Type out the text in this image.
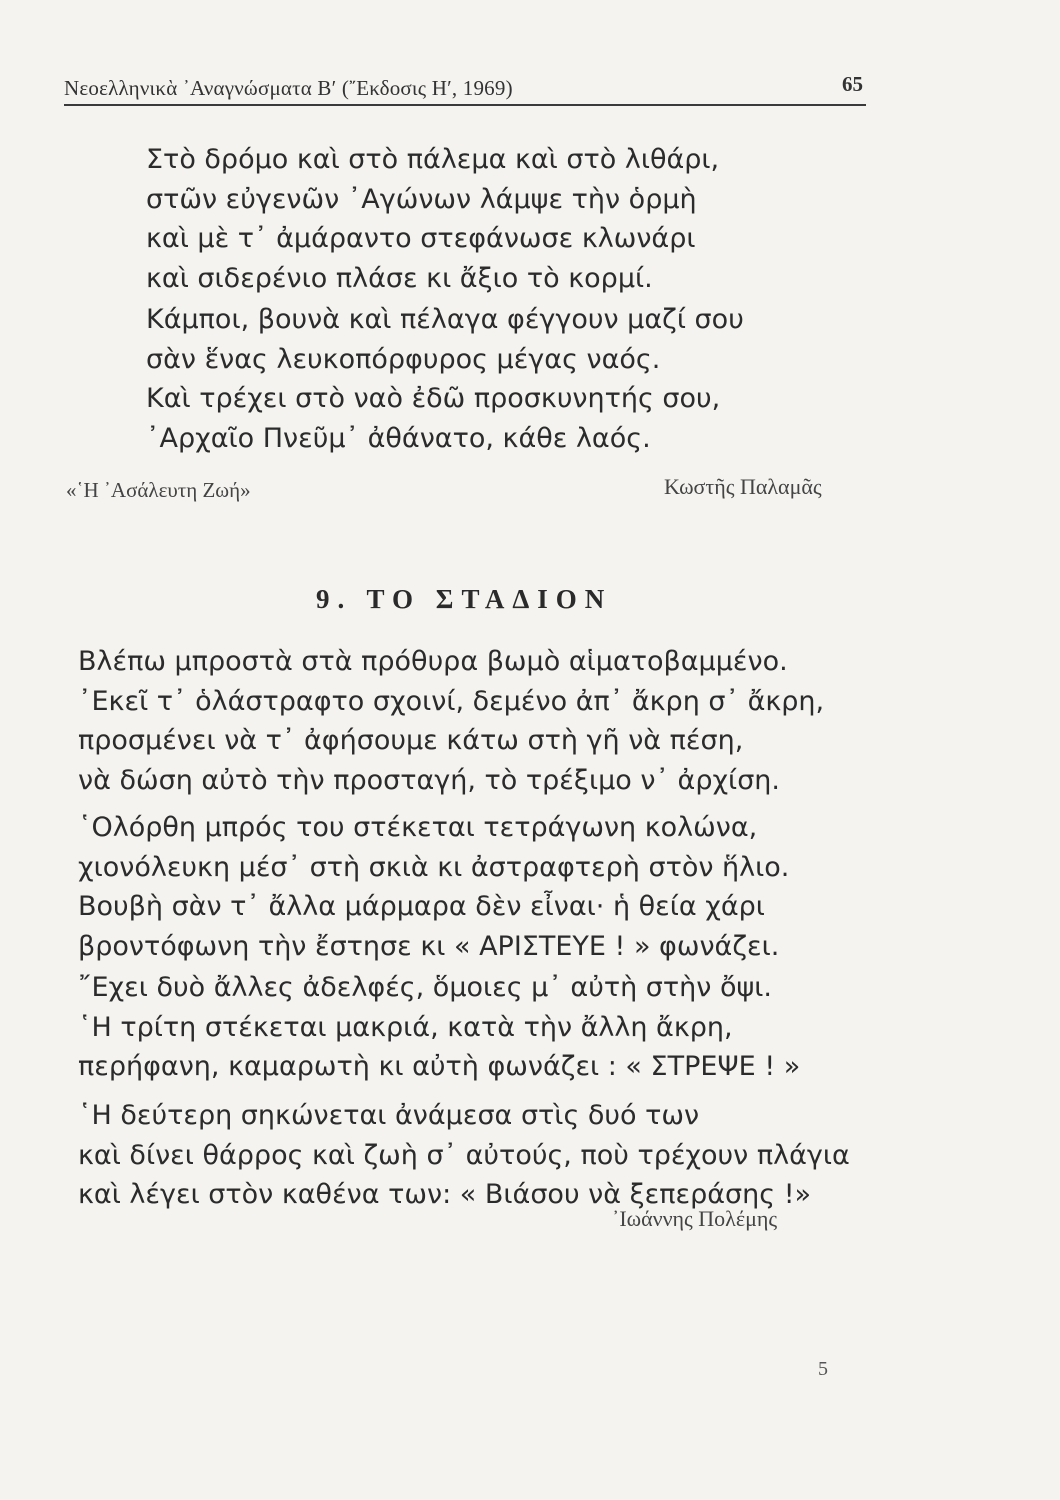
Νεοελληνικὰ ᾽Αναγνώσματα Β′ (῎Εκδοσις Η′, 1969)	65
Στὸ δρόμο καὶ στὸ πάλεμα καὶ στὸ λιθάρι,
στῶν εὐγενῶν ᾽Αγώνων λάμψε τὴν ὁρμὴ
καὶ μὲ τ᾽ ἀμάραντο στεφάνωσε κλωνάρι
καὶ σιδερένιο πλάσε κι ἄξιο τὸ κορμί.
Κάμποι, βουνὰ καὶ πέλαγα φέγγουν μαζί σου
σὰν ἕνας λευκοπόρφυρος μέγας ναός.
Καὶ τρέχει στὸ ναὸ ἐδῶ προσκυνητής σου,
᾽Αρχαῖο Πνεῦμ᾽ ἀθάνατο, κάθε λαός.
«῾Η ᾽Ασάλευτη Ζωή»	Κωστῆς Παλαμᾶς
9. ΤΟ ΣΤΑΔΙΟΝ
Βλέπω μπροστὰ στὰ πρόθυρα βωμὸ αἱματοβαμμένο.
᾽Εκεῖ τ᾽ ὁλάστραφτο σχοινί, δεμένο ἀπ᾽ ἄκρη σ᾽ ἄκρη,
προσμένει νὰ τ᾽ ἀφήσουμε κάτω στὴ γῆ νὰ πέση,
νὰ δώση αὐτὸ τὴν προσταγή, τὸ τρέξιμο ν᾽ ἀρχίση.
῾Ολόρθη μπρός του στέκεται τετράγωνη κολώνα,
χιονόλευκη μέσ᾽ στὴ σκιὰ κι ἀστραφτερὴ στὸν ἥλιο.
Βουβὴ σὰν τ᾽ ἄλλα μάρμαρα δὲν εἶναι· ἡ θεία χάρι
βροντόφωνη τὴν ἔστησε κι « ΑΡΙΣΤΕΥΕ ! » φωνάζει.
῎Εχει δυὸ ἄλλες ἀδελφές, ὅμοιες μ᾽ αὐτὴ στὴν ὄψι.
῾Η τρίτη στέκεται μακριά, κατὰ τὴν ἄλλη ἄκρη,
περήφανη, καμαρωτὴ κι αὐτὴ φωνάζει : « ΣΤΡΕΨΕ ! »
῾Η δεύτερη σηκώνεται ἀνάμεσα στὶς δυό των
καὶ δίνει θάρρος καὶ ζωὴ σ᾽ αὐτούς, ποὺ τρέχουν πλάγια
καὶ λέγει στὸν καθένα των: « Βιάσου νὰ ξεπεράσης !»
᾽Ιωάννης Πολέμης
5
